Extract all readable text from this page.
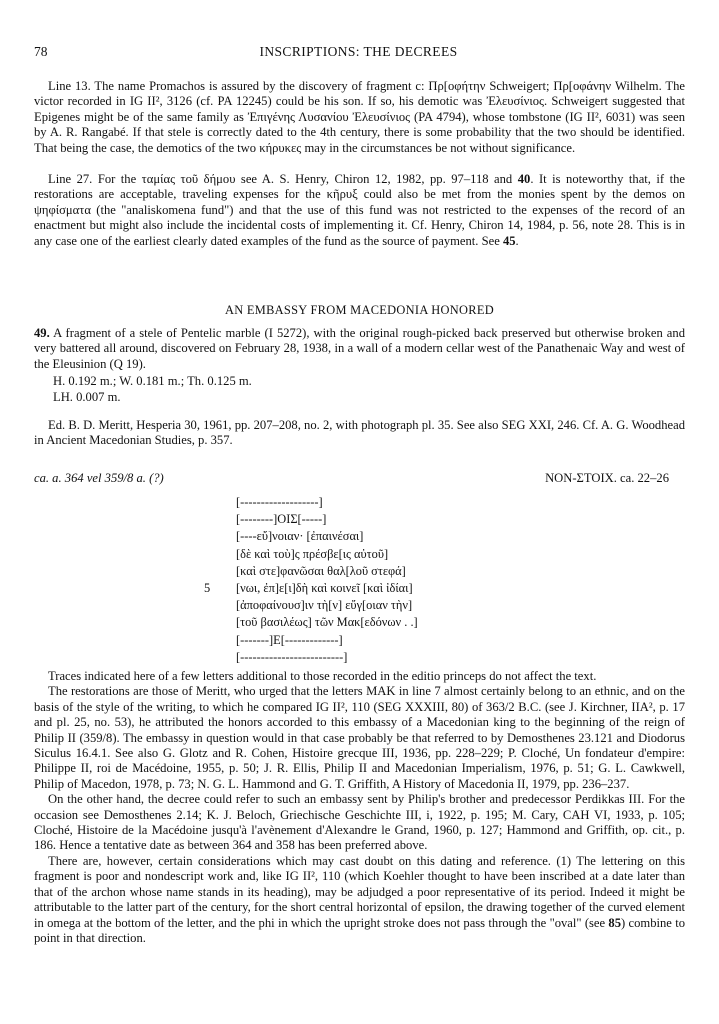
78	INSCRIPTIONS: THE DECREES

Line 13. The name Promachos is assured by the discovery of fragment c: Πρ[οφήτην Schweigert; Πρ[οφάνην Wilhelm. The victor recorded in IG II², 3126 (cf. PA 12245) could be his son. If so, his demotic was Ἐλευσίνιος. Schweigert suggested that Epigenes might be of the same family as Ἐπιγένης Λυσανίου Ἐλευσίνιος (PA 4794), whose tombstone (IG II², 6031) was seen by A. R. Rangabé. If that stele is correctly dated to the 4th century, there is some probability that the two should be identified. That being the case, the demotics of the two κήρυκες may in the circumstances be not without significance.

Line 27. For the ταμίας τοῦ δήμου see A. S. Henry, Chiron 12, 1982, pp. 97–118 and 40. It is noteworthy that, if the restorations are acceptable, traveling expenses for the κῆρυξ could also be met from the monies spent by the demos on ψηφίσματα (the "analiskomena fund") and that the use of this fund was not restricted to the expenses of the record of an enactment but might also include the incidental costs of implementing it. Cf. Henry, Chiron 14, 1984, p. 56, note 28. This is in any case one of the earliest clearly dated examples of the fund as the source of payment. See 45.

AN EMBASSY FROM MACEDONIA HONORED

49. A fragment of a stele of Pentelic marble (I 5272), with the original rough-picked back preserved but otherwise broken and very battered all around, discovered on February 28, 1938, in a wall of a modern cellar west of the Panathenaic Way and west of the Eleusinion (Q 19).

H. 0.192 m.; W. 0.181 m.; Th. 0.125 m.
LH. 0.007 m.

Ed. B. D. Meritt, Hesperia 30, 1961, pp. 207–208, no. 2, with photograph pl. 35. See also SEG XXI, 246. Cf. A. G. Woodhead in Ancient Macedonian Studies, p. 357.

ca. a. 364 vel 359/8 a. (?)	NON-ΣΤΟΙΧ. ca. 22–26
[-------------------]
[--------]ΟΙΣ[-----]
[----εὔ]νοιαν· [ἐπαινέσαι]
[δὲ καὶ τοὺ]ς πρέσβε[ις αὐτοῦ]
[καὶ στε]φανῶσαι θαλ[λοῦ στεφά]
5 [νωι, ἐπ]ε[ι]δὴ καὶ κοινεῖ [καὶ ἰδίαι]
[ἀποφαίνουσ]ιν τὴ[ν] εὔγ[οιαν τὴν]
[τοῦ βασιλέως] τῶν Μακ[εδόνων . .]
[-------]Ε[-------------]
[-------------------------]

Traces indicated here of a few letters additional to those recorded in the editio princeps do not affect the text.

The restorations are those of Meritt, who urged that the letters MAK in line 7 almost certainly belong to an ethnic, and on the basis of the style of the writing, to which he compared IG II², 110 (SEG XXXIII, 80) of 363/2 B.C. (see J. Kirchner, IIA², p. 17 and pl. 25, no. 53), he attributed the honors accorded to this embassy of a Macedonian king to the beginning of the reign of Philip II (359/8). The embassy in question would in that case probably be that referred to by Demosthenes 23.121 and Diodorus Siculus 16.4.1. See also G. Glotz and R. Cohen, Histoire grecque III, 1936, pp. 228–229; P. Cloché, Un fondateur d'empire: Philippe II, roi de Macédoine, 1955, p. 50; J. R. Ellis, Philip II and Macedonian Imperialism, 1976, p. 51; G. L. Cawkwell, Philip of Macedon, 1978, p. 73; N. G. L. Hammond and G. T. Griffith, A History of Macedonia II, 1979, pp. 236–237.

On the other hand, the decree could refer to such an embassy sent by Philip's brother and predecessor Perdikkas III. For the occasion see Demosthenes 2.14; K. J. Beloch, Griechische Geschichte III, i, 1922, p. 195; M. Cary, CAH VI, 1933, p. 105; Cloché, Histoire de la Macédoine jusqu'à l'avènement d'Alexandre le Grand, 1960, p. 127; Hammond and Griffith, op. cit., p. 186. Hence a tentative date as between 364 and 358 has been preferred above.

There are, however, certain considerations which may cast doubt on this dating and reference. (1) The lettering on this fragment is poor and nondescript work and, like IG II², 110 (which Koehler thought to have been inscribed at a date later than that of the archon whose name stands in its heading), may be adjudged a poor representative of its period. Indeed it might be attributable to the latter part of the century, for the short central horizontal of epsilon, the drawing together of the curved element in omega at the bottom of the letter, and the phi in which the upright stroke does not pass through the "oval" (see 85) combine to point in that direction.
